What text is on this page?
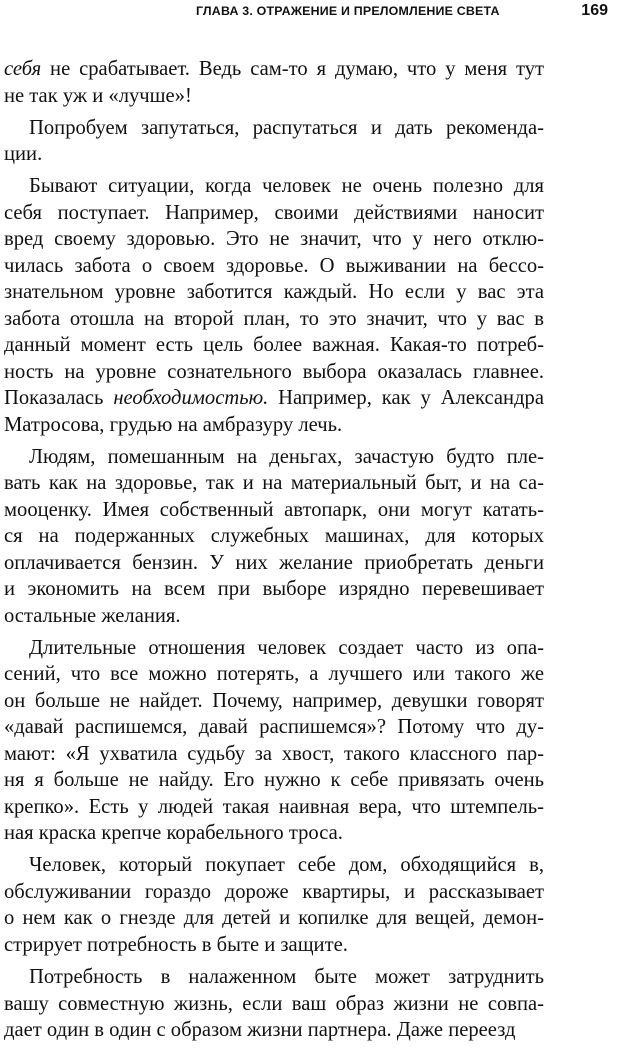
ГЛАВА 3. ОТРАЖЕНИЕ И ПРЕЛОМЛЕНИЕ СВЕТА	169
себя не срабатывает. Ведь сам-то я думаю, что у меня тут
не так уж и «лучше»!
Попробуем запутаться, распутаться и дать рекоменда-
ции.
Бывают ситуации, когда человек не очень полезно для
себя поступает. Например, своими действиями наносит
вред своему здоровью. Это не значит, что у него отклю-
чилась забота о своем здоровье. О выживании на бессо-
знательном уровне заботится каждый. Но если у вас эта
забота отошла на второй план, то это значит, что у вас в
данный момент есть цель более важная. Какая-то потреб-
ность на уровне сознательного выбора оказалась главнее.
Показалась необходимостью. Например, как у Александра
Матросова, грудью на амбразуру лечь.
Людям, помешанным на деньгах, зачастую будто пле-
вать как на здоровье, так и на материальный быт, и на са-
мооценку. Имея собственный автопарк, они могут катать-
ся на подержанных служебных машинах, для которых
оплачивается бензин. У них желание приобретать деньги
и экономить на всем при выборе изрядно перевешивает
остальные желания.
Длительные отношения человек создает часто из опа-
сений, что все можно потерять, а лучшего или такого же
он больше не найдет. Почему, например, девушки говорят
«давай распишемся, давай распишемся»? Потому что ду-
мают: «Я ухватила судьбу за хвост, такого классного пар-
ня я больше не найду. Его нужно к себе привязать очень
крепко». Есть у людей такая наивная вера, что штемпель-
ная краска крепче корабельного троса.
Человек, который покупает себе дом, обходящийся в,
обслуживании гораздо дороже квартиры, и рассказывает
о нем как о гнезде для детей и копилке для вещей, демон-
стрирует потребность в быте и защите.
Потребность в налаженном быте может затруднить
вашу совместную жизнь, если ваш образ жизни не совпа-
дает один в один с образом жизни партнера. Даже переезд
